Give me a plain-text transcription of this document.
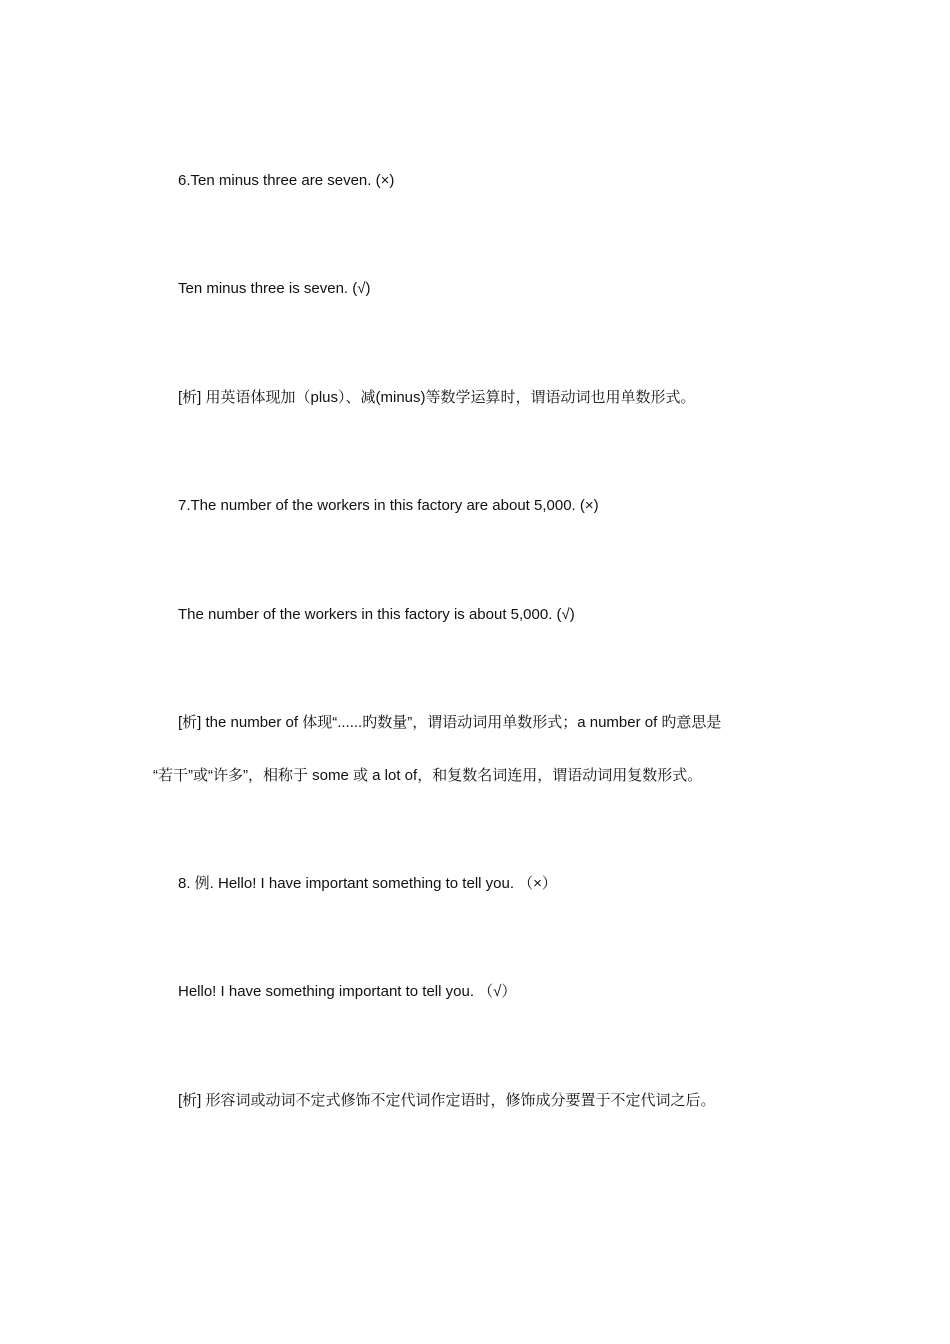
6.Ten minus three are seven. (×)
Ten minus three is seven. (√)
[析] 用英语体现加（plus）、减(minus)等数学运算时，谓语动词也用单数形式。
7.The number of the workers in this factory are about 5,000. (×)
The number of the workers in this factory is about 5,000. (√)
[析] the number of 体现“......旳数量”，谓语动词用单数形式；a number of 旳意思是
“若干”或“许多”，相称于 some 或 a lot of，和复数名词连用，谓语动词用复数形式。
8. 例. Hello! I have important something to tell you. （×）
Hello! I have something important to tell you. （√）
[析] 形容词或动词不定式修饰不定代词作定语时，修饰成分要置于不定代词之后。
